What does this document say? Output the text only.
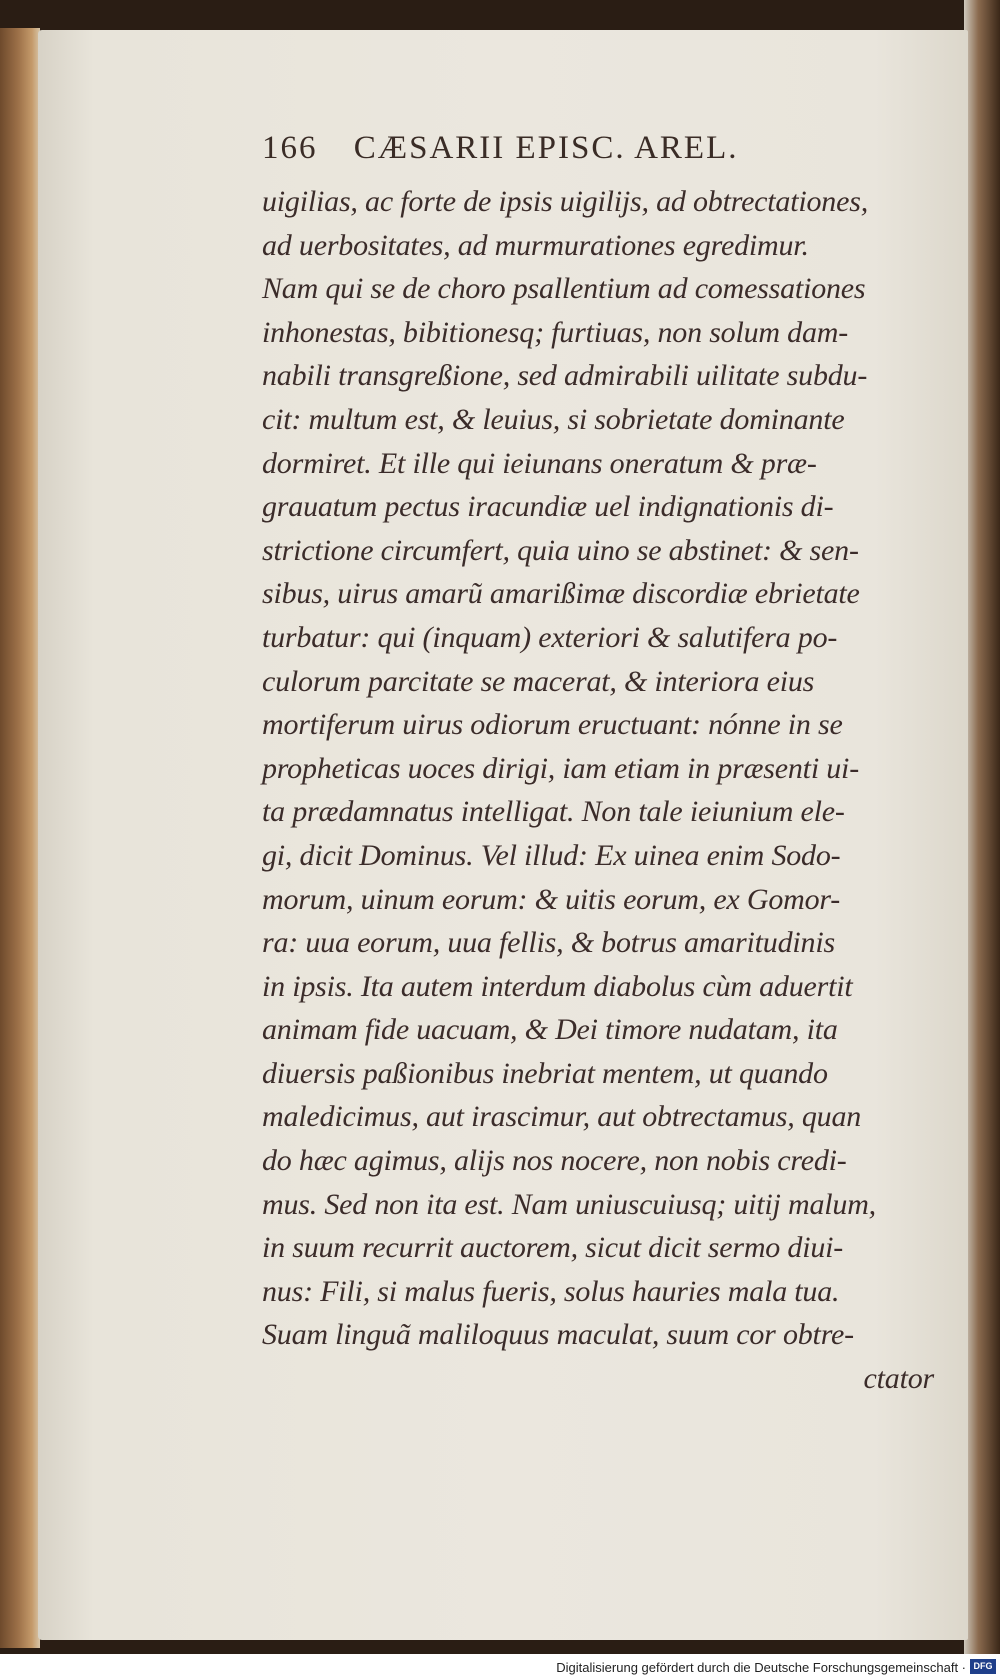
166 CÆSARII EPISC. AREL.
uigilias, ac forte de ipsis uigilijs, ad obtrectationes,
ad uerbositates, ad murmurationes egredimur.
Nam qui se de choro psallentium ad comessationes
inhonestas, bibitionesq; furtiuas, non solum dam-
nabili transgreßione, sed admirabili uilitate subdu-
cit: multum est, & leuius, si sobrietate dominante
dormiret. Et ille qui ieiunans oneratum & præ-
grauatum pectus iracundiæ uel indignationis di-
strictione circumfert, quia uino se abstinet: & sen-
sibus, uirus amarũ amarißimæ discordiæ ebrietate
turbatur: qui (inquam) exteriori & salutifera po-
culorum parcitate se macerat, & interiora eius
mortiferum uirus odiorum eructuant: nónne in se
propheticas uoces dirigi, iam etiam in præsenti ui-
ta prædamnatus intelligat. Non tale ieiunium ele-
gi, dicit Dominus. Vel illud: Ex uinea enim Sodo-
morum, uinum eorum: & uitis eorum, ex Gomor-
ra: uua eorum, uua fellis, & botrus amaritudinis
in ipsis. Ita autem interdum diabolus cùm aduertit
animam fide uacuam, & Dei timore nudatam, ita
diuersis paßionibus inebriat mentem, ut quando
maledicimus, aut irascimur, aut obtrectamus, quan
do hæc agimus, alijs nos nocere, non nobis credi-
mus. Sed non ita est. Nam uniuscuiusq; uitij malum,
in suum recurrit auctorem, sicut dicit sermo diui-
nus: Fili, si malus fueris, solus hauries mala tua.
Suam linguã maliloquus maculat, suum cor obtre-
ctator
Digitalisierung gefördert durch die Deutsche Forschungsgemeinschaft · DFG
